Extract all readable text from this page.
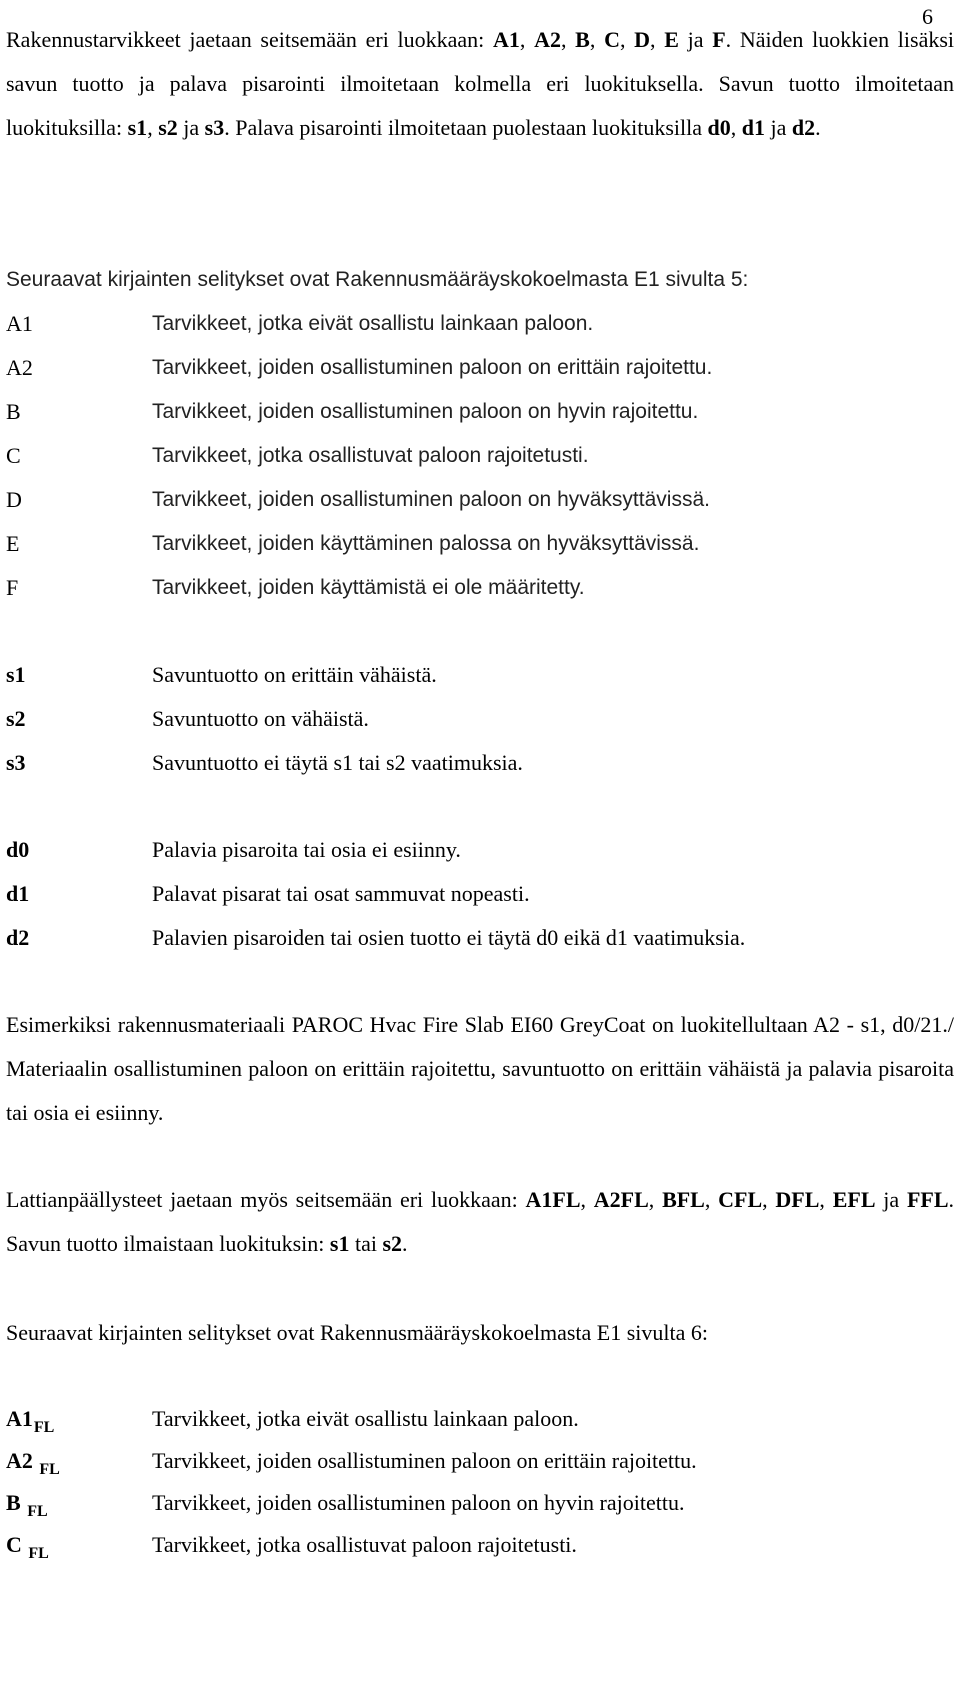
6

Rakennustarvikkeet jaetaan seitsemään eri luokkaan: A1, A2, B, C, D, E ja F. Näiden luokkien lisäksi savun tuotto ja palava pisarointi ilmoitetaan kolmella eri luokituksella. Savun tuotto ilmoitetaan luokituksilla: s1, s2 ja s3. Palava pisarointi ilmoitetaan puolestaan luokituksilla d0, d1 ja d2.

Seuraavat kirjainten selitykset ovat Rakennusmääräyskokoelmasta E1 sivulta 5:

A1	Tarvikkeet, jotka eivät osallistu lainkaan paloon.
A2	Tarvikkeet, joiden osallistuminen paloon on erittäin rajoitettu.
B	Tarvikkeet, joiden osallistuminen paloon on hyvin rajoitettu.
C	Tarvikkeet, jotka osallistuvat paloon rajoitetusti.
D	Tarvikkeet, joiden osallistuminen paloon on hyväksyttävissä.
E	Tarvikkeet, joiden käyttäminen palossa on hyväksyttävissä.
F	Tarvikkeet, joiden käyttämistä ei ole määritetty.
s1	Savuntuotto on erittäin vähäistä.
s2	Savuntuotto on vähäistä.
s3	Savuntuotto ei täytä s1 tai s2 vaatimuksia.
d0	Palavia pisaroita tai osia ei esiinny.
d1	Palavat pisarat tai osat sammuvat nopeasti.
d2	Palavien pisaroiden tai osien tuotto ei täytä d0 eikä d1 vaatimuksia.

Esimerkiksi rakennusmateriaali PAROC Hvac Fire Slab EI60 GreyCoat on luokitellultaan A2 - s1, d0/21./ Materiaalin osallistuminen paloon on erittäin rajoitettu, savuntuotto on erittäin vähäistä ja palavia pisaroita tai osia ei esiinny.

Lattianpäällysteet jaetaan myös seitsemään eri luokkaan: A1FL, A2FL, BFL, CFL, DFL, EFL ja FFL. Savun tuotto ilmaistaan luokituksin: s1 tai s2.

Seuraavat kirjainten selitykset ovat Rakennusmääräyskokoelmasta E1 sivulta 6:

$A1_{FL}$	Tarvikkeet, jotka eivät osallistu lainkaan paloon.
A2 $_{FL}$	Tarvikkeet, joiden osallistuminen paloon on erittäin rajoitettu.
B $_{FL}$	Tarvikkeet, joiden osallistuminen paloon on hyvin rajoitettu.
C $_{FL}$	Tarvikkeet, jotka osallistuvat paloon rajoitetusti.
